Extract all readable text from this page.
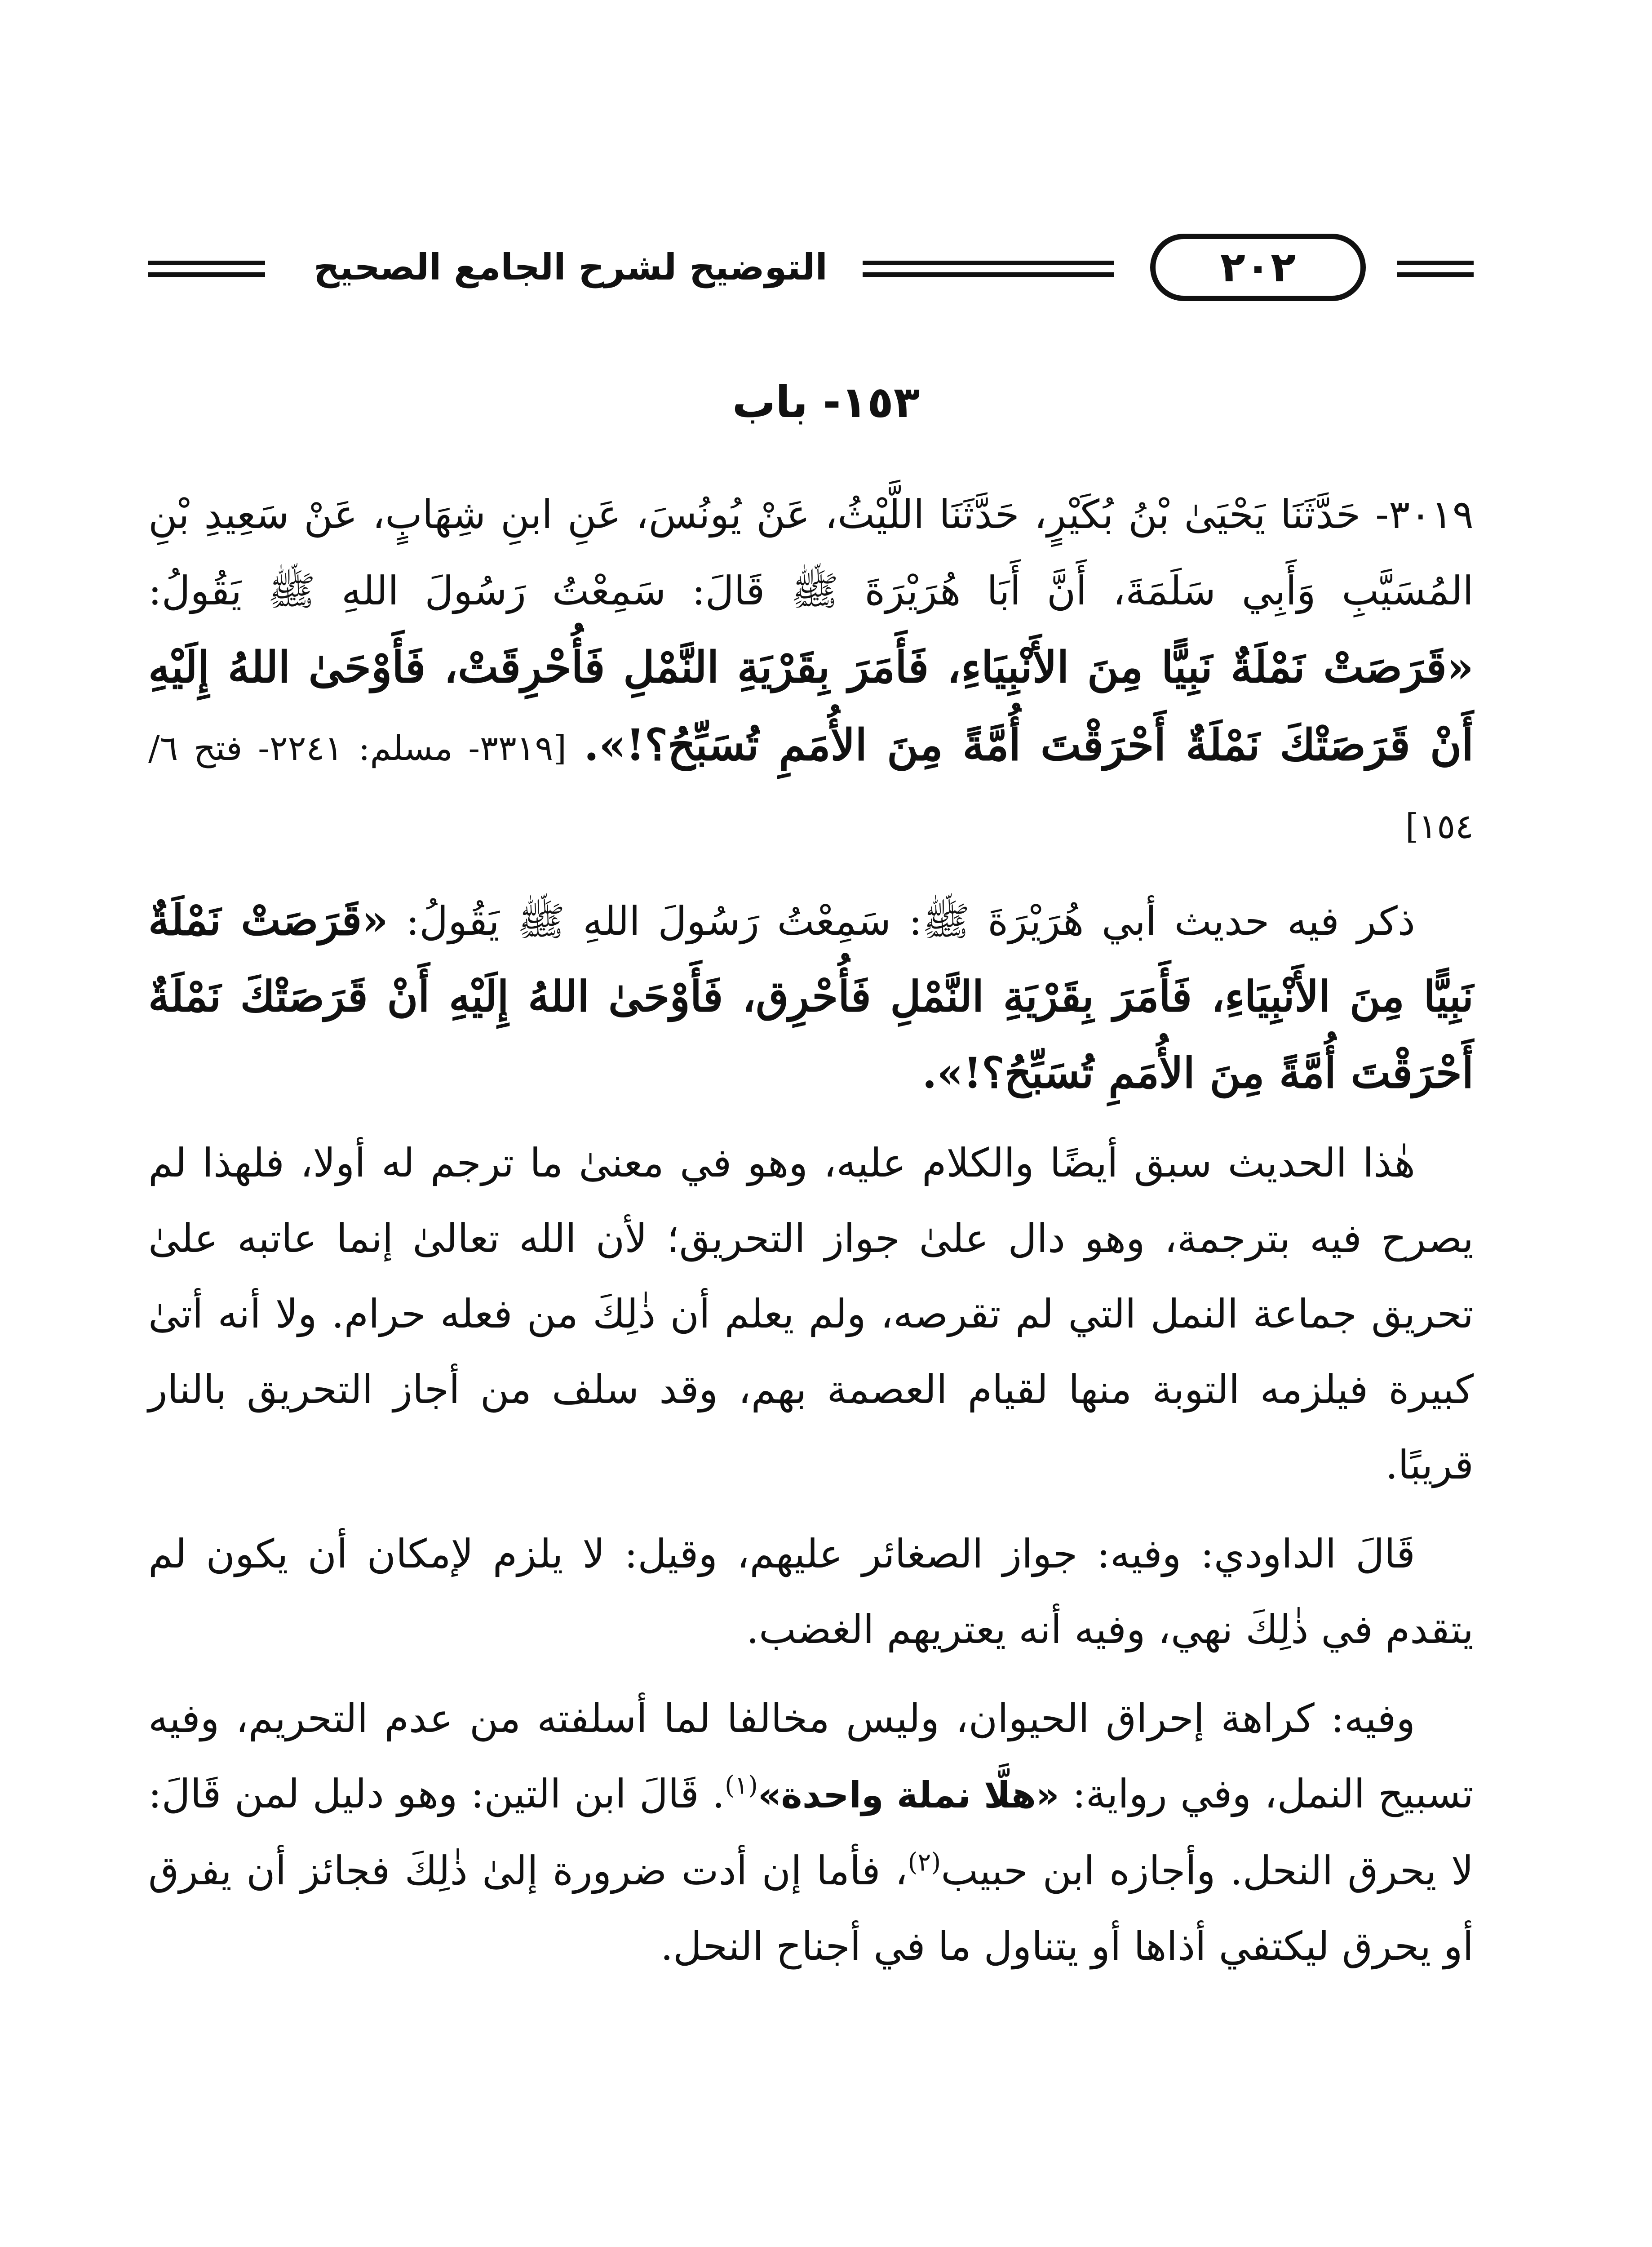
التوضيح لشرح الجامع الصحيح	٢٠٢
١٥٣- باب

٣٠١٩- حَدَّثَنَا يَحْيَىٰ بْنُ بُكَيْرٍ، حَدَّثَنَا اللَّيْثُ، عَنْ يُونُسَ، عَنِ ابنِ شِهَابٍ، عَنْ سَعِيدِ بْنِ المُسَيَّبِ وَأَبِي سَلَمَةَ، أَنَّ أَبَا هُرَيْرَةَ ﷺ قَالَ: سَمِعْتُ رَسُولَ اللهِ ﷺ يَقُولُ: «قَرَصَتْ نَمْلَةٌ نَبِيًّا مِنَ الأَنْبِيَاءِ، فَأَمَرَ بِقَرْيَةِ النَّمْلِ فَأُحْرِقَتْ، فَأَوْحَىٰ اللهُ إِلَيْهِ أَنْ قَرَصَتْكَ نَمْلَةٌ أَحْرَقْتَ أُمَّةً مِنَ الأُمَمِ تُسَبِّحُ؟!». [٣٣١٩- مسلم: ٢٢٤١- فتح ٦/ ١٥٤]

ذكر فيه حديث أبي هُرَيْرَةَ ﷺ: سَمِعْتُ رَسُولَ اللهِ ﷺ يَقُولُ: «قَرَصَتْ نَمْلَةٌ نَبِيًّا مِنَ الأَنْبِيَاءِ، فَأَمَرَ بِقَرْيَةِ النَّمْلِ فَأُحْرِق، فَأَوْحَىٰ اللهُ إِلَيْهِ أَنْ قَرَصَتْكَ نَمْلَةٌ أَحْرَقْتَ أُمَّةً مِنَ الأُمَمِ تُسَبِّحُ؟!».

هٰذا الحديث سبق أيضًا والكلام عليه، وهو في معنىٰ ما ترجم له أولا، فلهذا لم يصرح فيه بترجمة، وهو دال علىٰ جواز التحريق؛ لأن الله تعالىٰ إنما عاتبه علىٰ تحريق جماعة النمل التي لم تقرصه، ولم يعلم أن ذٰلِكَ من فعله حرام. ولا أنه أتىٰ كبيرة فيلزمه التوبة منها لقيام العصمة بهم، وقد سلف من أجاز التحريق بالنار قريبًا.

قَالَ الداودي: وفيه: جواز الصغائر عليهم، وقيل: لا يلزم لإمكان أن يكون لم يتقدم في ذٰلِكَ نهي، وفيه أنه يعتريهم الغضب.

وفيه: كراهة إحراق الحيوان، وليس مخالفا لما أسلفته من عدم التحريم، وفيه تسبيح النمل، وفي رواية: «هلَّا نملة واحدة»$^{(١)}$. قَالَ ابن التين: وهو دليل لمن قَالَ: لا يحرق النحل. وأجازه ابن حبيب$^{(٢)}$، فأما إن أدت ضرورة إلىٰ ذٰلِكَ فجائز أن يفرق أو يحرق ليكتفي أذاها أو يتناول ما في أجناح النحل.
